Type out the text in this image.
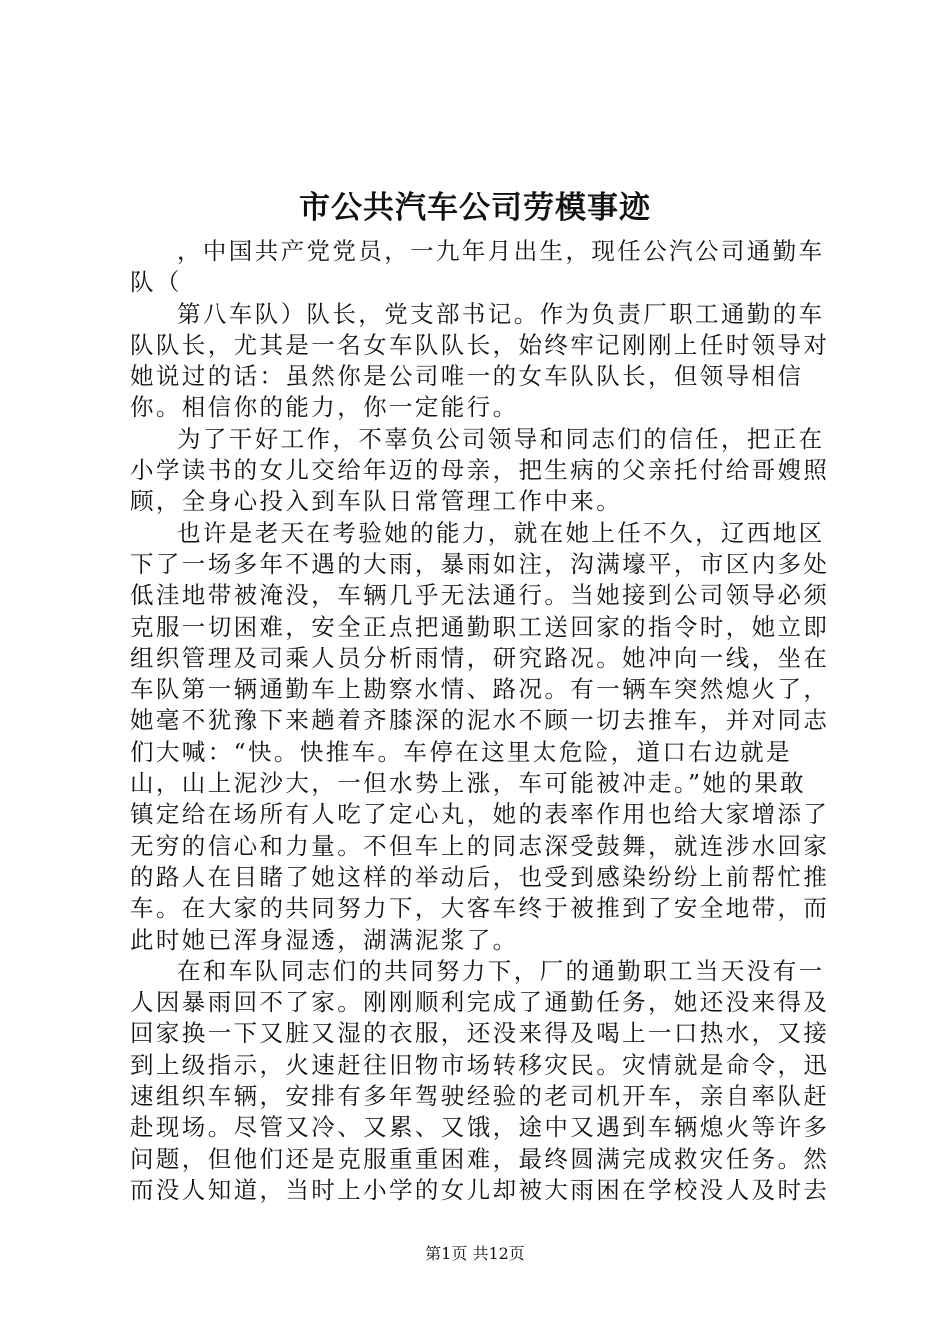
市公共汽车公司劳模事迹

，中国共产党党员，一九年月出生，现任公汽公司通勤车队（

第八车队）队长，党支部书记。作为负责厂职工通勤的车队队长，尤其是一名女车队队长，始终牢记刚刚上任时领导对她说过的话：虽然你是公司唯一的女车队队长，但领导相信你。相信你的能力，你一定能行。

为了干好工作，不辜负公司领导和同志们的信任，把正在小学读书的女儿交给年迈的母亲，把生病的父亲托付给哥嫂照顾，全身心投入到车队日常管理工作中来。

也许是老天在考验她的能力，就在她上任不久，辽西地区下了一场多年不遇的大雨，暴雨如注，沟满壕平，市区内多处低洼地带被淹没，车辆几乎无法通行。当她接到公司领导必须克服一切困难，安全正点把通勤职工送回家的指令时，她立即组织管理及司乘人员分析雨情，研究路况。她冲向一线，坐在车队第一辆通勤车上勘察水情、路况。有一辆车突然熄火了，她毫不犹豫下来趟着齐膝深的泥水不顾一切去推车，并对同志们大喊：“快。快推车。车停在这里太危险，道口右边就是山，山上泥沙大，一但水势上涨，车可能被冲走。”她的果敢镇定给在场所有人吃了定心丸，她的表率作用也给大家增添了无穷的信心和力量。不但车上的同志深受鼓舞，就连涉水回家的路人在目睹了她这样的举动后，也受到感染纷纷上前帮忙推车。在大家的共同努力下，大客车终于被推到了安全地带，而此时她已浑身湿透，湖满泥浆了。

在和车队同志们的共同努力下，厂的通勤职工当天没有一人因暴雨回不了家。刚刚顺利完成了通勤任务，她还没来得及回家换一下又脏又湿的衣服，还没来得及喝上一口热水，又接到上级指示，火速赶往旧物市场转移灾民。灾情就是命令，迅速组织车辆，安排有多年驾驶经验的老司机开车，亲自率队赶赴现场。尽管又冷、又累、又饿，途中又遇到车辆熄火等许多问题，但他们还是克服重重困难，最终圆满完成救灾任务。然而没人知道，当时上小学的女儿却被大雨困在学校没人及时去

第1页 共12页
